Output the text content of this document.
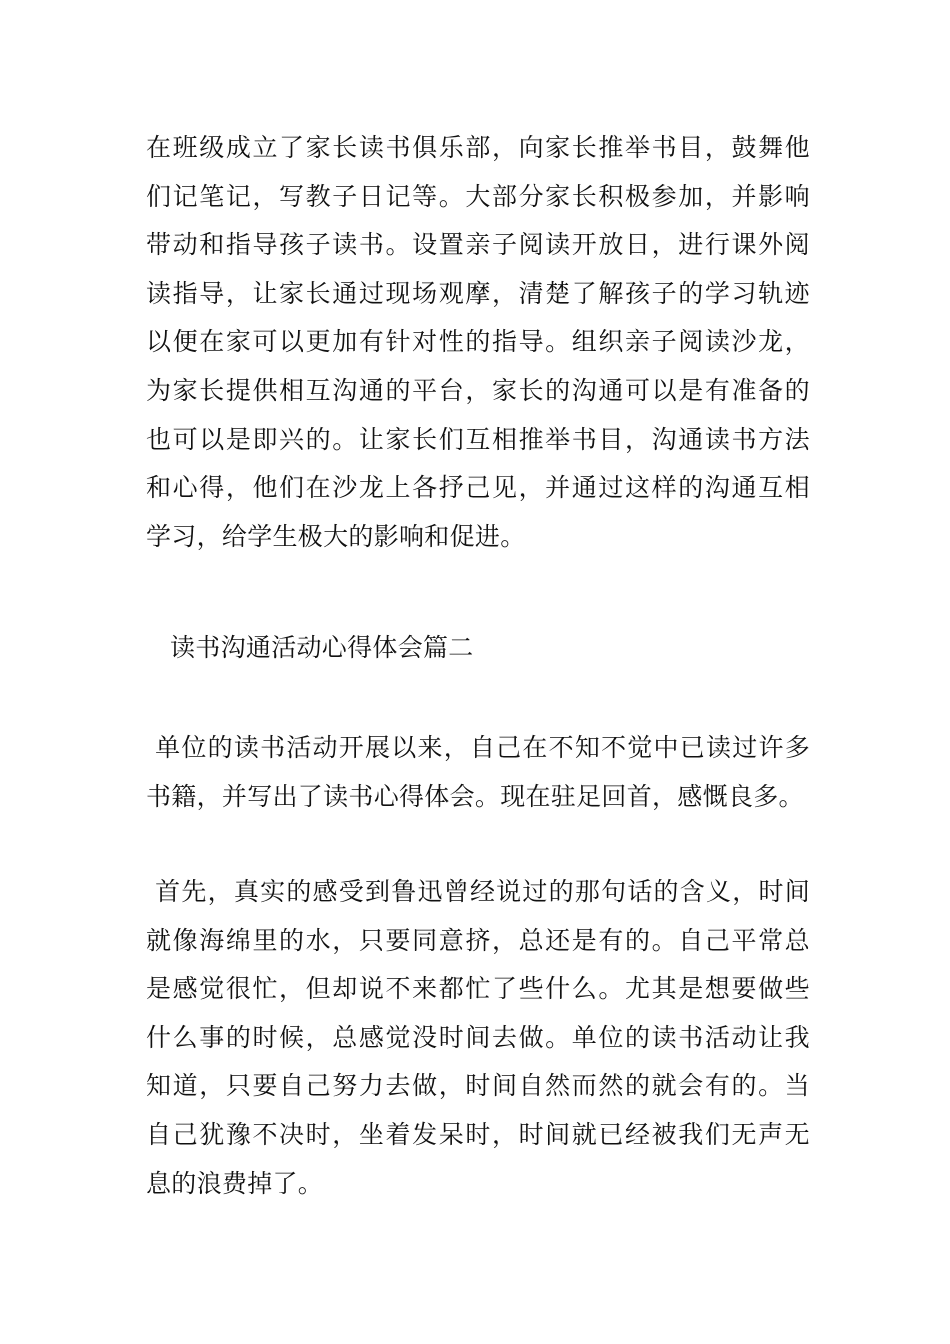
在班级成立了家长读书俱乐部，向家长推举书目，鼓舞他
们记笔记，写教子日记等。大部分家长积极参加，并影响
带动和指导孩子读书。设置亲子阅读开放日，进行课外阅
读指导，让家长通过现场观摩，清楚了解孩子的学习轨迹
以便在家可以更加有针对性的指导。组织亲子阅读沙龙，
为家长提供相互沟通的平台，家长的沟通可以是有准备的
也可以是即兴的。让家长们互相推举书目，沟通读书方法
和心得，他们在沙龙上各抒己见，并通过这样的沟通互相
学习，给学生极大的影响和促进。
读书沟通活动心得体会篇二
单位的读书活动开展以来，自己在不知不觉中已读过许多
书籍，并写出了读书心得体会。现在驻足回首，感慨良多。
首先，真实的感受到鲁迅曾经说过的那句话的含义，时间
就像海绵里的水，只要同意挤，总还是有的。自己平常总
是感觉很忙，但却说不来都忙了些什么。尤其是想要做些
什么事的时候，总感觉没时间去做。单位的读书活动让我
知道，只要自己努力去做，时间自然而然的就会有的。当
自己犹豫不决时，坐着发呆时，时间就已经被我们无声无
息的浪费掉了。
